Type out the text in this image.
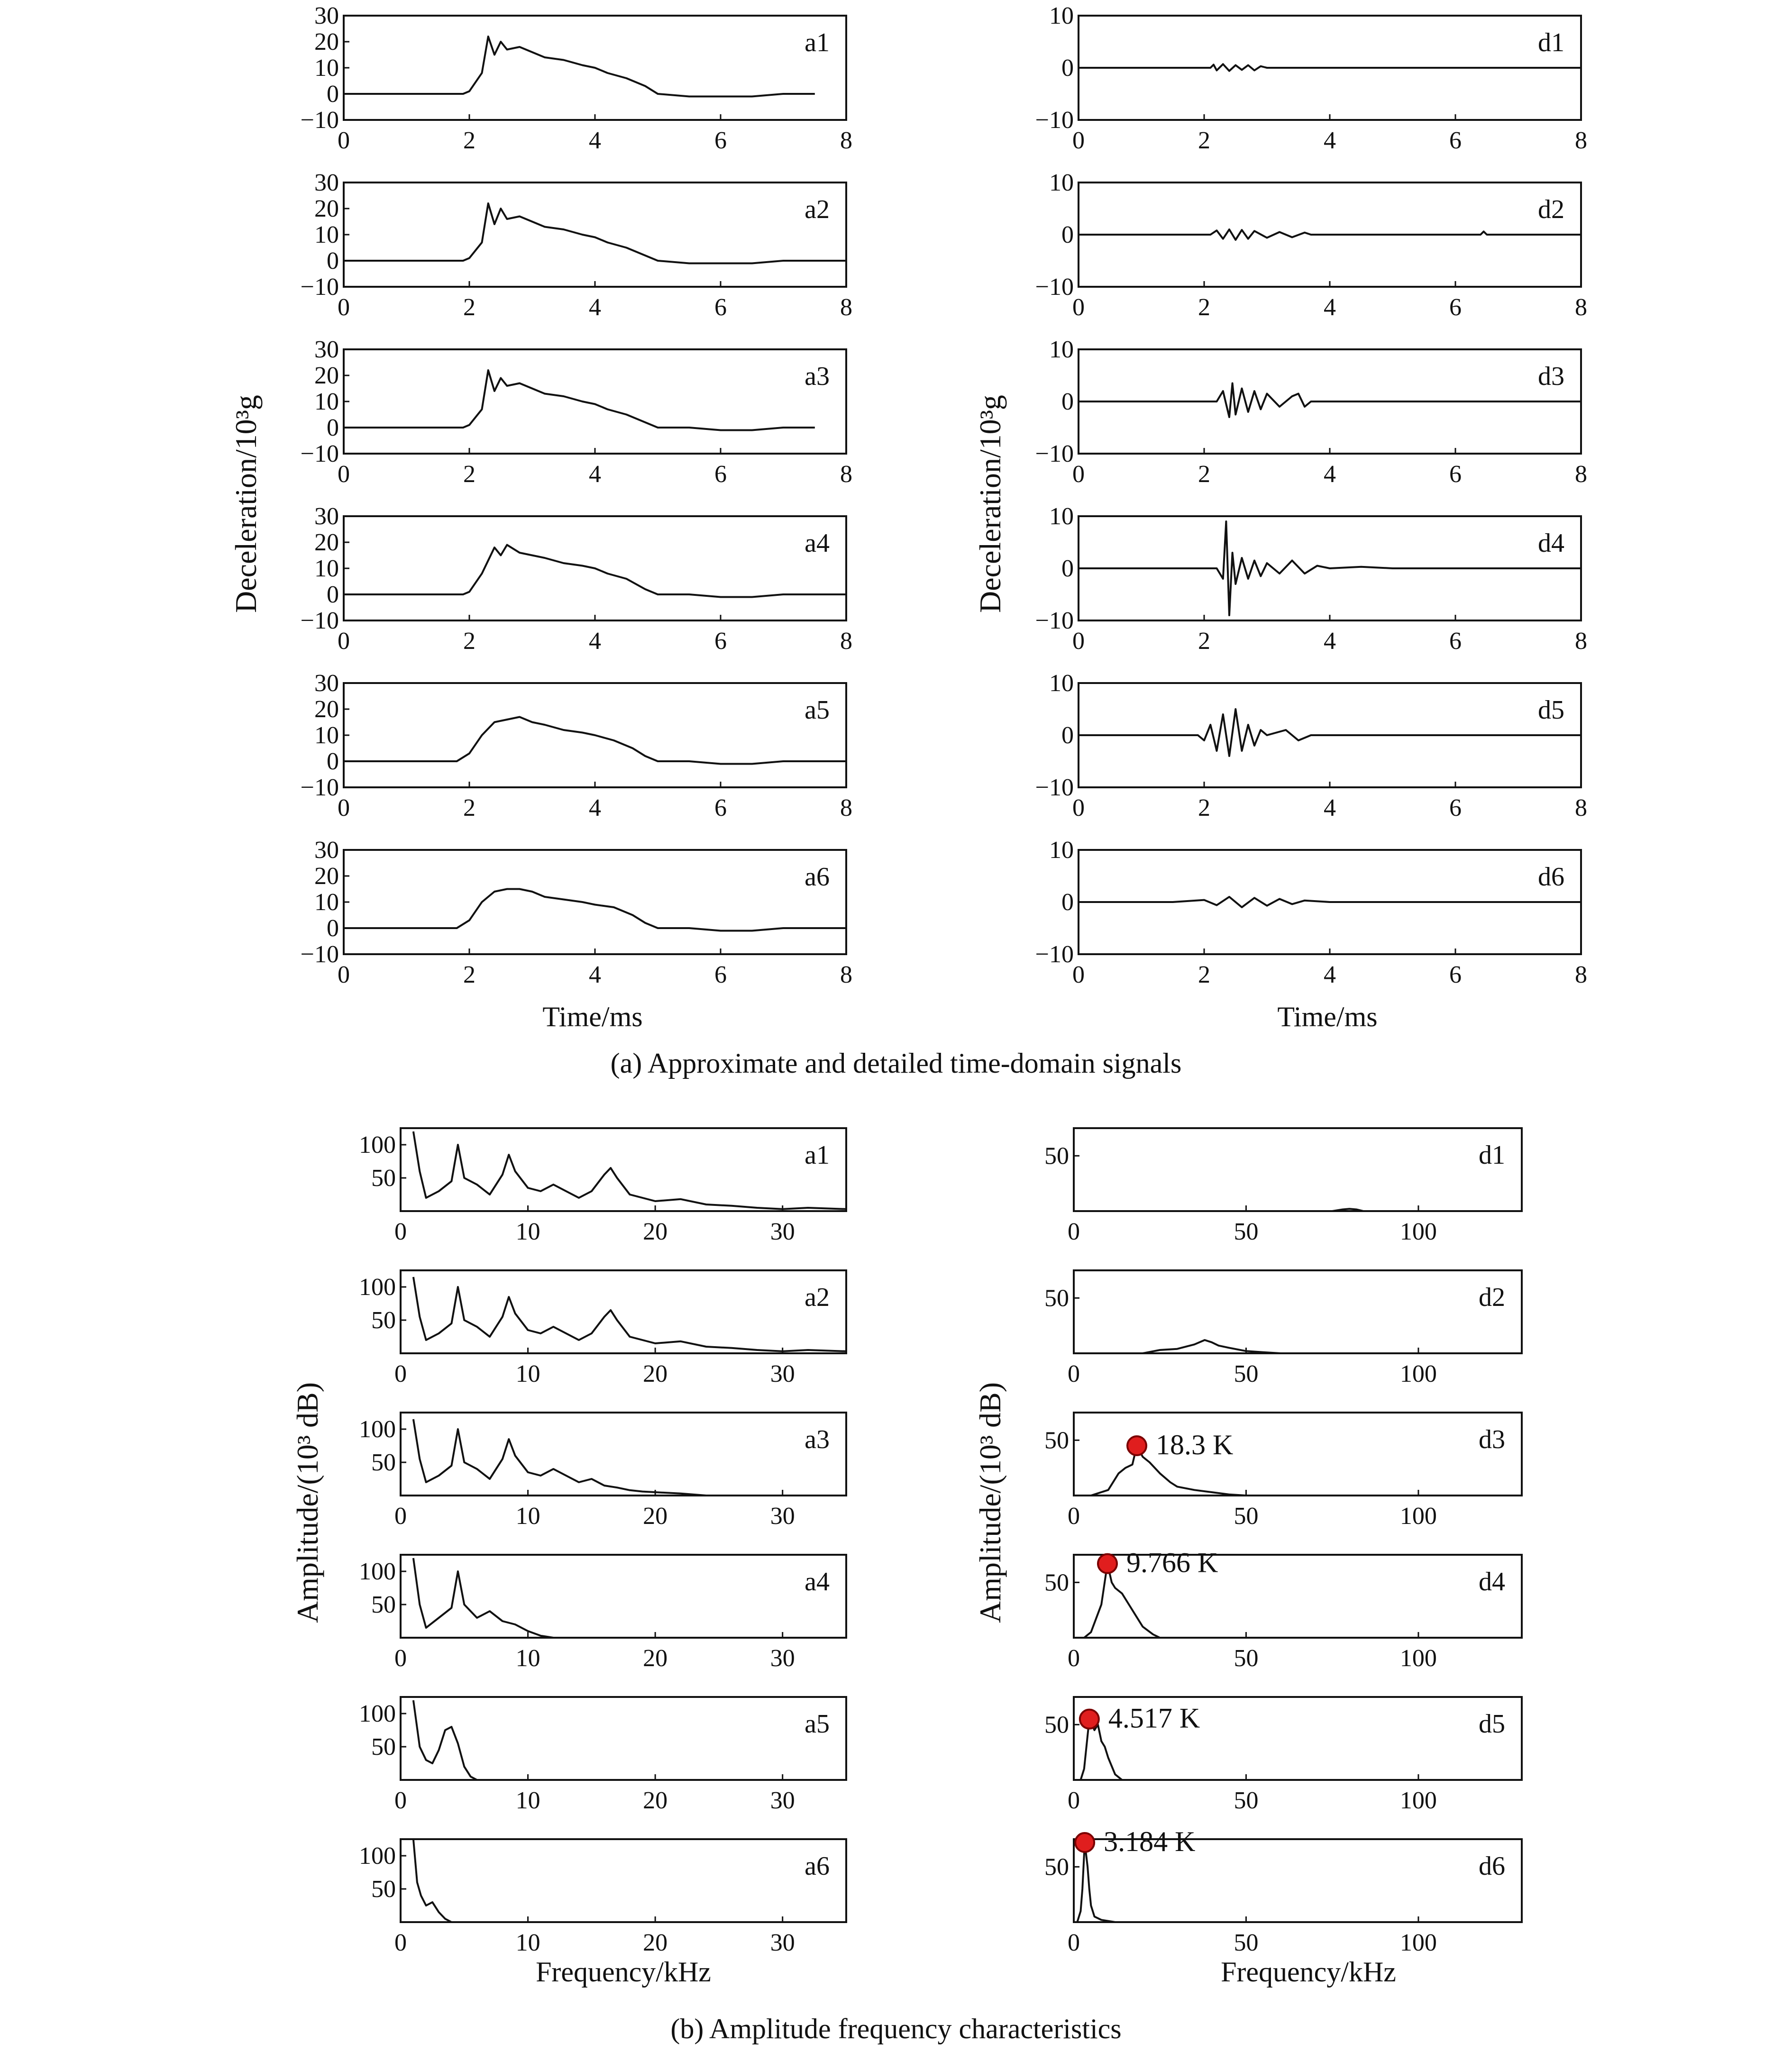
0	2	4	6	8
−10
0
10
20
30
a1
0	2	4	6	8
−10
0
10
20
30
a2
0	2	4	6	8
−10
0
10
20
30
a3
0	2	4	6	8
−10
0
10
20
30
a4
0	2	4	6	8
−10
0
10
20
30
a5
0	2	4	6	8
−10
0
10
20
30
a6
0	2	4	6	8
−10
0
10
d1
0	2	4	6	8
−10
0
10
d2
0	2	4	6	8
−10
0
10
d3
0	2	4	6	8
−10
0
10
d4
0	2	4	6	8
−10
0
10
d5
0	2	4	6	8
−10
0
10
d6
0	10	20	30
50
100	a1
0	10	20	30
50
100	a2
0	10	20	30
50
100	a3
0	10	20	30
50
100	a4
0	10	20	30
50
100	a5
0	10	20	30
50
100	a6
0	50	100
50	d1
0	50	100
50	d2
0	50	100
50	d3
18.3 K
0	50	100
50	d4
9.766 K
0	50	100
50	d5
4.517 K
0	50	100
50	d6
3.184 K
Deceleration/10³g	Deceleration/10³g
Time/ms	Time/ms
(a) Approximate and detailed time-domain signals
Amplitude/(10³ dB)	Amplitude/(10³ dB)
Frequency/kHz	Frequency/kHz
(b) Amplitude frequency characteristics
